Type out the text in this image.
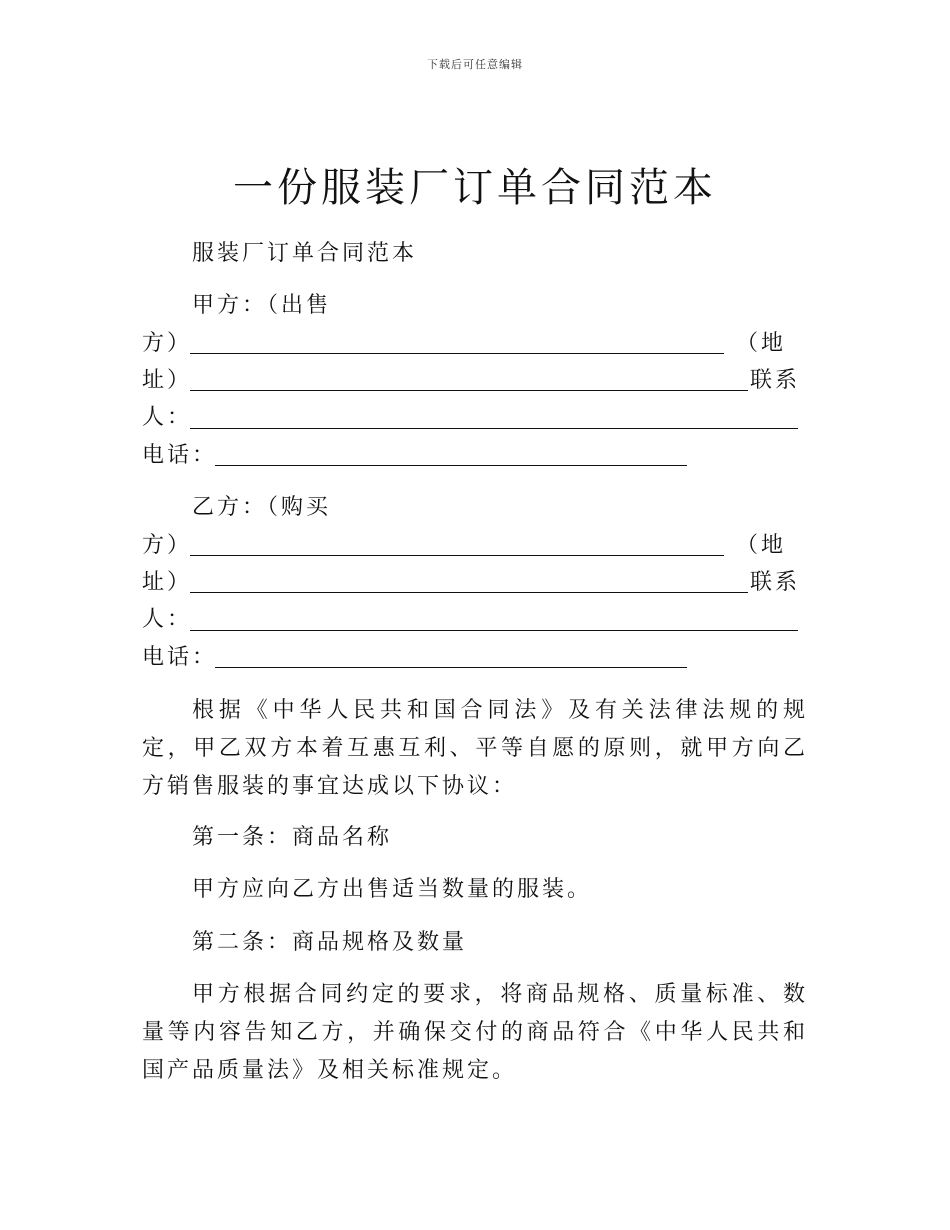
下载后可任意编辑
一份服装厂订单合同范本
服装厂订单合同范本
甲方：（出售
方）	（地
址）	联系
人：
电话：
乙方：（购买
方）	（地
址）	联系
人：
电话：
根据《中华人民共和国合同法》及有关法律法规的规定，甲乙双方本着互惠互利、平等自愿的原则，就甲方向乙方销售服装的事宜达成以下协议：
第一条：商品名称
甲方应向乙方出售适当数量的服装。
第二条：商品规格及数量
甲方根据合同约定的要求，将商品规格、质量标准、数量等内容告知乙方，并确保交付的商品符合《中华人民共和国产品质量法》及相关标准规定。
